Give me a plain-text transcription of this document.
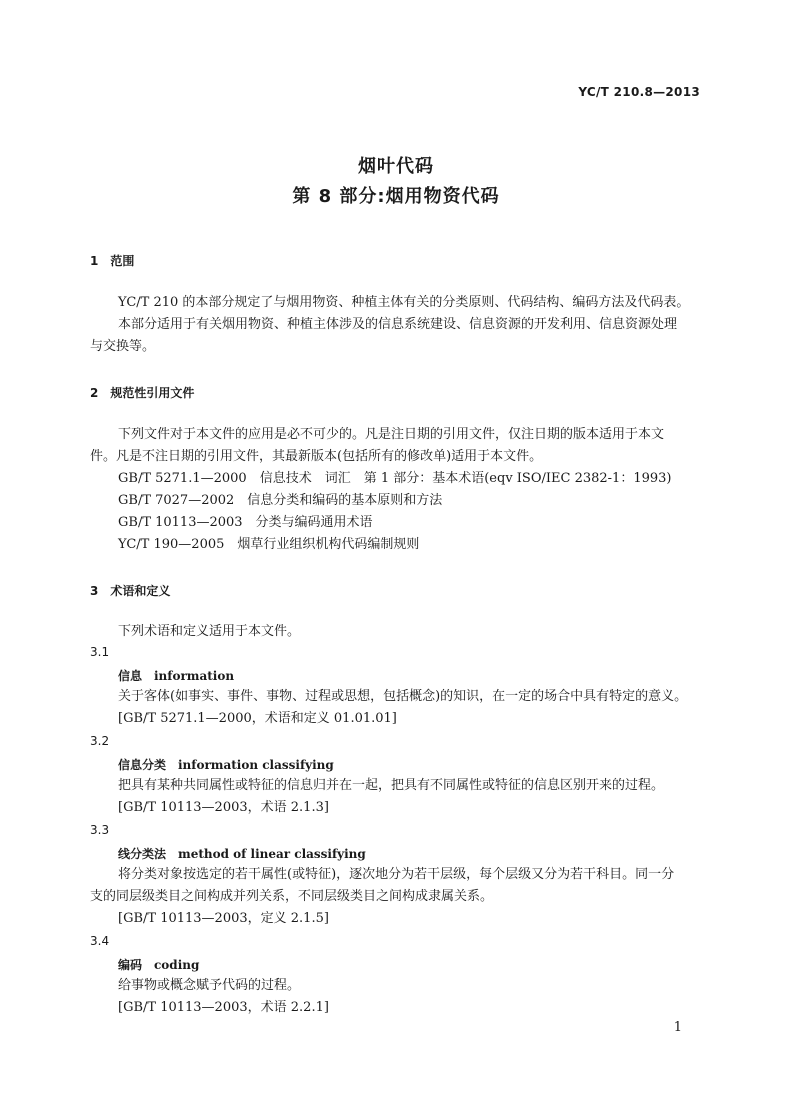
YC/T 210.8—2013
烟叶代码
第 8 部分:烟用物资代码
1　范围
YC/T 210 的本部分规定了与烟用物资、种植主体有关的分类原则、代码结构、编码方法及代码表。
本部分适用于有关烟用物资、种植主体涉及的信息系统建设、信息资源的开发利用、信息资源处理
与交换等。
2　规范性引用文件
下列文件对于本文件的应用是必不可少的。凡是注日期的引用文件，仅注日期的版本适用于本文
件。凡是不注日期的引用文件，其最新版本(包括所有的修改单)适用于本文件。
GB/T 5271.1—2000　信息技术　词汇　第 1 部分：基本术语(eqv ISO/IEC 2382-1：1993)
GB/T 7027—2002　信息分类和编码的基本原则和方法
GB/T 10113—2003　分类与编码通用术语
YC/T 190—2005　烟草行业组织机构代码编制规则
3　术语和定义
下列术语和定义适用于本文件。
3.1
信息　information
关于客体(如事实、事件、事物、过程或思想，包括概念)的知识，在一定的场合中具有特定的意义。
[GB/T 5271.1—2000，术语和定义 01.01.01]
3.2
信息分类　information classifying
把具有某种共同属性或特征的信息归并在一起，把具有不同属性或特征的信息区别开来的过程。
[GB/T 10113—2003，术语 2.1.3]
3.3
线分类法　method of linear classifying
将分类对象按选定的若干属性(或特征)，逐次地分为若干层级，每个层级又分为若干科目。同一分
支的同层级类目之间构成并列关系，不同层级类目之间构成隶属关系。
[GB/T 10113—2003，定义 2.1.5]
3.4
编码　coding
给事物或概念赋予代码的过程。
[GB/T 10113—2003，术语 2.2.1]
1
